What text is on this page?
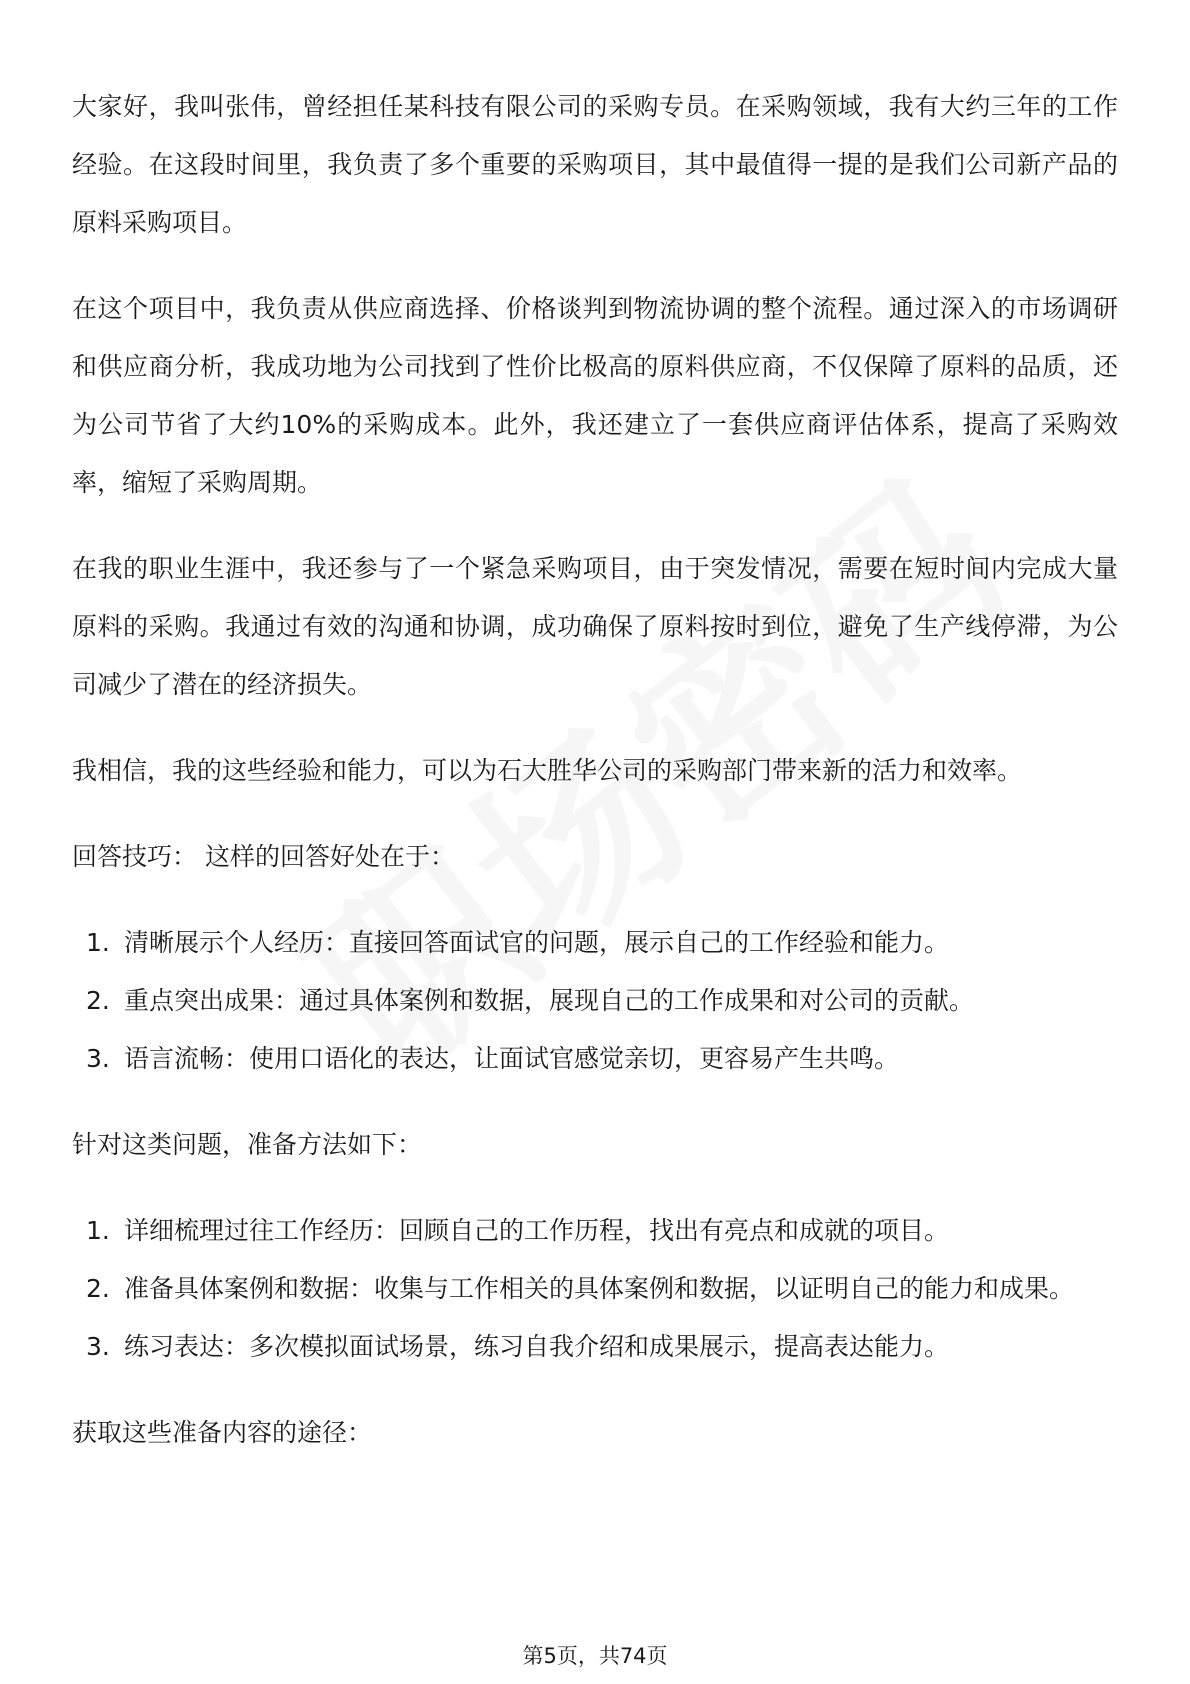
大家好，我叫张伟，曾经担任某科技有限公司的采购专员。在采购领域，我有大约三年的工作经验。在这段时间里，我负责了多个重要的采购项目，其中最值得一提的是我们公司新产品的原料采购项目。

在这个项目中，我负责从供应商选择、价格谈判到物流协调的整个流程。通过深入的市场调研和供应商分析，我成功地为公司找到了性价比极高的原料供应商，不仅保障了原料的品质，还为公司节省了大约10%的采购成本。此外，我还建立了一套供应商评估体系，提高了采购效率，缩短了采购周期。

在我的职业生涯中，我还参与了一个紧急采购项目，由于突发情况，需要在短时间内完成大量原料的采购。我通过有效的沟通和协调，成功确保了原料按时到位，避免了生产线停滞，为公司减少了潜在的经济损失。

我相信，我的这些经验和能力，可以为石大胜华公司的采购部门带来新的活力和效率。

回答技巧： 这样的回答好处在于：

1. 清晰展示个人经历：直接回答面试官的问题，展示自己的工作经验和能力。
2. 重点突出成果：通过具体案例和数据，展现自己的工作成果和对公司的贡献。
3. 语言流畅：使用口语化的表达，让面试官感觉亲切，更容易产生共鸣。

针对这类问题，准备方法如下：

1. 详细梳理过往工作经历：回顾自己的工作历程，找出有亮点和成就的项目。
2. 准备具体案例和数据：收集与工作相关的具体案例和数据，以证明自己的能力和成果。
3. 练习表达：多次模拟面试场景，练习自我介绍和成果展示，提高表达能力。

获取这些准备内容的途径：

第5页，共74页
